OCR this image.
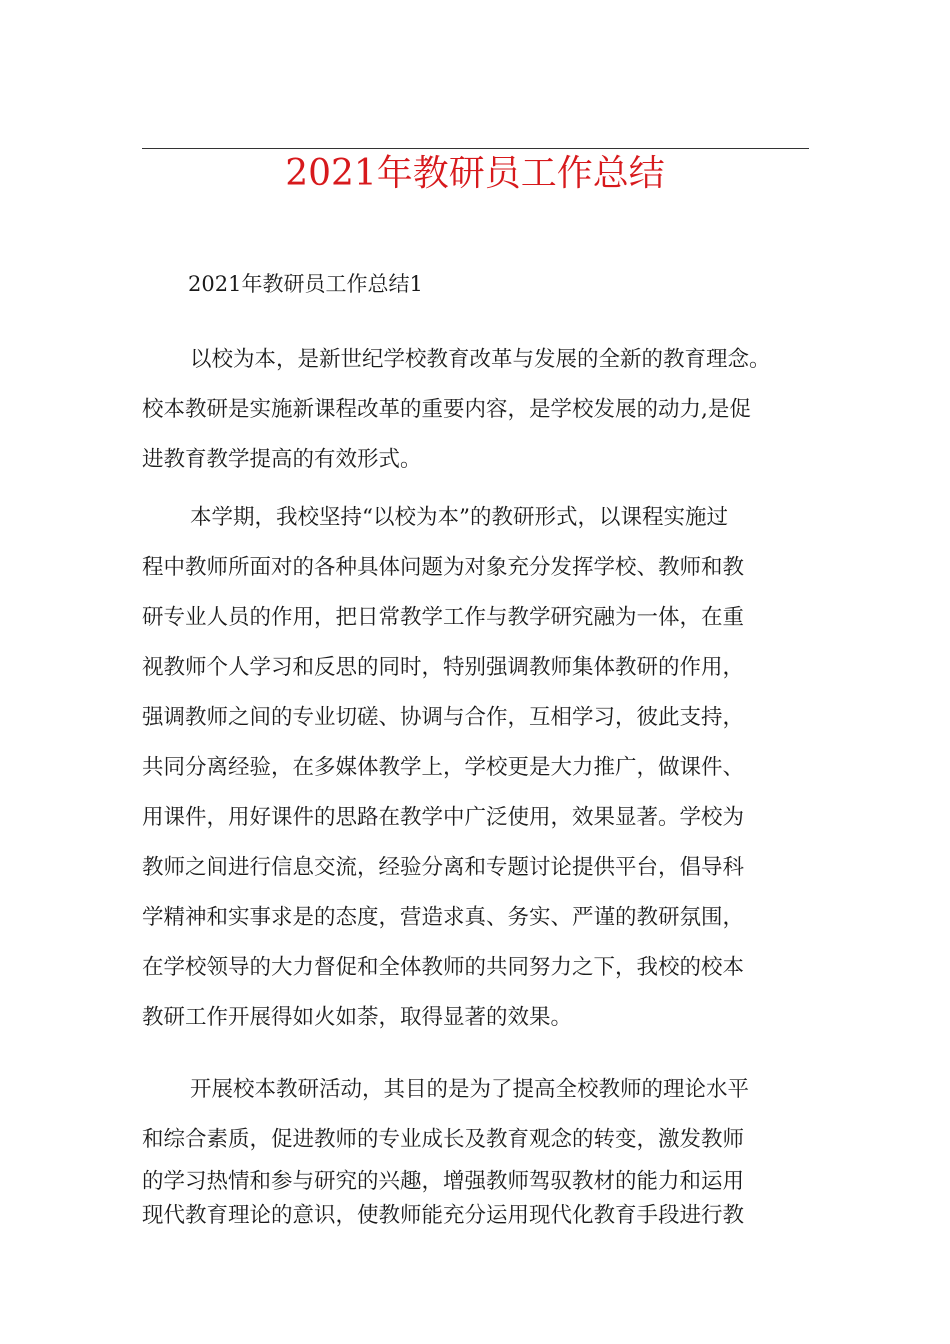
2021年教研员工作总结
2021年教研员工作总结1
以校为本，是新世纪学校教育改革与发展的全新的教育理念。
校本教研是实施新课程改革的重要内容，是学校发展的动力,是促
进教育教学提高的有效形式。
本学期，我校坚持“以校为本”的教研形式，以课程实施过
程中教师所面对的各种具体问题为对象充分发挥学校、教师和教
研专业人员的作用，把日常教学工作与教学研究融为一体，在重
视教师个人学习和反思的同时，特别强调教师集体教研的作用，
强调教师之间的专业切磋、协调与合作，互相学习，彼此支持，
共同分离经验，在多媒体教学上，学校更是大力推广，做课件、
用课件，用好课件的思路在教学中广泛使用，效果显著。学校为
教师之间进行信息交流，经验分离和专题讨论提供平台，倡导科
学精神和实事求是的态度，营造求真、务实、严谨的教研氛围，
在学校领导的大力督促和全体教师的共同努力之下，我校的校本
教研工作开展得如火如荼，取得显著的效果。
开展校本教研活动，其目的是为了提高全校教师的理论水平
和综合素质，促进教师的专业成长及教育观念的转变，激发教师
的学习热情和参与研究的兴趣，增强教师驾驭教材的能力和运用
现代教育理论的意识，使教师能充分运用现代化教育手段进行教
